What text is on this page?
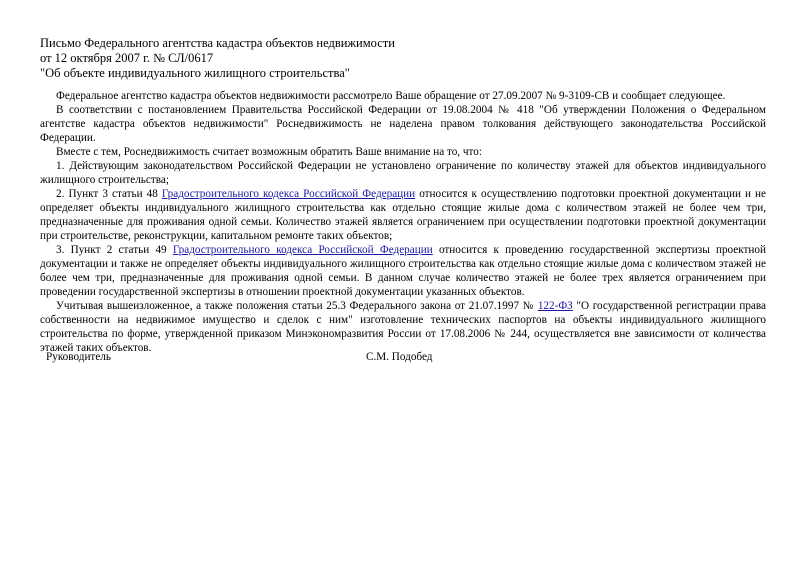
Письмо Федерального агентства кадастра объектов недвижимости
от 12 октября 2007 г. № СЛ/0617
"Об объекте индивидуального жилищного строительства"

Федеральное агентство кадастра объектов недвижимости рассмотрело Ваше обращение от 27.09.2007 № 9-3109-СВ и сообщает следующее.

В соответствии с постановлением Правительства Российской Федерации от 19.08.2004 № 418 "Об утверждении Положения о Федеральном агентстве кадастра объектов недвижимости" Роснедвижимость не наделена правом толкования действующего законодательства Российской Федерации.

Вместе с тем, Роснедвижимость считает возможным обратить Ваше внимание на то, что:

1. Действующим законодательством Российской Федерации не установлено ограничение по количеству этажей для объектов индивидуального жилищного строительства;

2. Пункт 3 статьи 48 Градостроительного кодекса Российской Федерации относится к осуществлению подготовки проектной документации и не определяет объекты индивидуального жилищного строительства как отдельно стоящие жилые дома с количеством этажей не более чем три, предназначенные для проживания одной семьи. Количество этажей является ограничением при осуществлении подготовки проектной документации при строительстве, реконструкции, капитальном ремонте таких объектов;

3. Пункт 2 статьи 49 Градостроительного кодекса Российской Федерации относится к проведению государственной экспертизы проектной документации и также не определяет объекты индивидуального жилищного строительства как отдельно стоящие жилые дома с количеством этажей не более чем три, предназначенные для проживания одной семьи. В данном случае количество этажей не более трех является ограничением при проведении государственной экспертизы в отношении проектной документации указанных объектов.

Учитывая вышеизложенное, а также положения статьи 25.3 Федерального закона от 21.07.1997 № 122-ФЗ "О государственной регистрации права собственности на недвижимое имущество и сделок с ним" изготовление технических паспортов на объекты индивидуального жилищного строительства по форме, утвержденной приказом Минэкономразвития России от 17.08.2006 № 244, осуществляется вне зависимости от количества этажей таких объектов.

Руководитель	С.М. Подобед
